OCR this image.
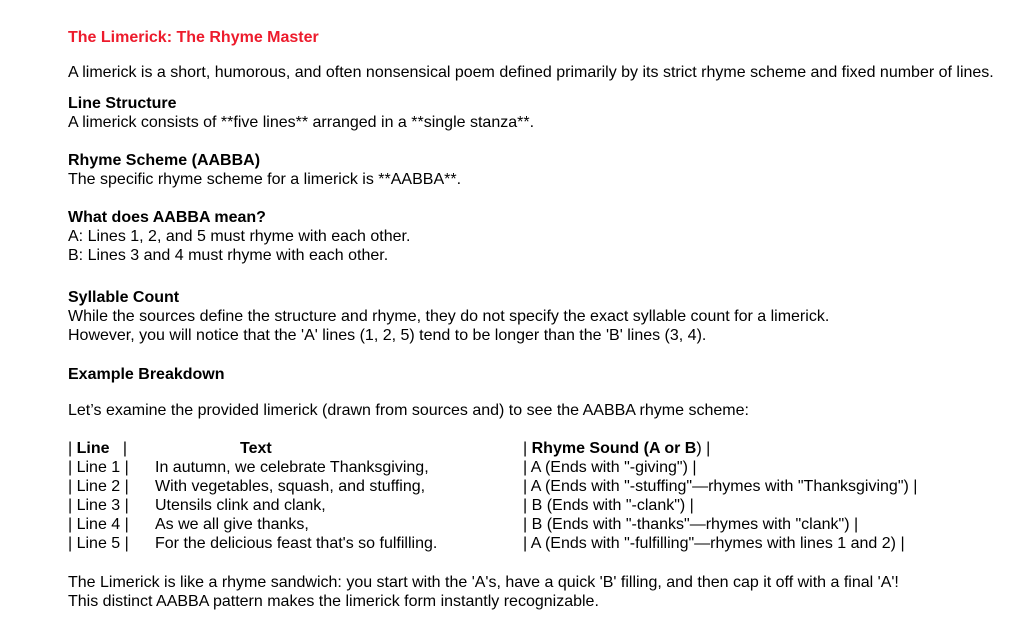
The Limerick: The Rhyme Master
A limerick is a short, humorous, and often nonsensical poem defined primarily by its strict rhyme scheme and fixed number of lines.
Line Structure
A limerick consists of **five lines** arranged in a **single stanza**.
Rhyme Scheme (AABBA)
The specific rhyme scheme for a limerick is **AABBA**.
What does AABBA mean?
A: Lines 1, 2, and 5 must rhyme with each other.
B: Lines 3 and 4 must rhyme with each other.
Syllable Count
While the sources define the structure and rhyme, they do not specify the exact syllable count for a limerick.
However, you will notice that the 'A' lines (1, 2, 5) tend to be longer than the 'B' lines (3, 4).
Example Breakdown
Let’s examine the provided limerick (drawn from sources and) to see the AABBA rhyme scheme:
| Line   |	Text	| Rhyme Sound (A or B) |
| Line 1 |	In autumn, we celebrate Thanksgiving,	| A (Ends with "-giving") |
| Line 2 |	With vegetables, squash, and stuffing,	| A (Ends with "-stuffing"—rhymes with "Thanksgiving") |
| Line 3 |	Utensils clink and clank,	| B (Ends with "-clank") |
| Line 4 |	As we all give thanks,	| B (Ends with "-thanks"—rhymes with "clank") |
| Line 5 |	For the delicious feast that's so fulfilling.	| A (Ends with "-fulfilling"—rhymes with lines 1 and 2) |
The Limerick is like a rhyme sandwich: you start with the 'A's, have a quick 'B' filling, and then cap it off with a final 'A'!
This distinct AABBA pattern makes the limerick form instantly recognizable.
